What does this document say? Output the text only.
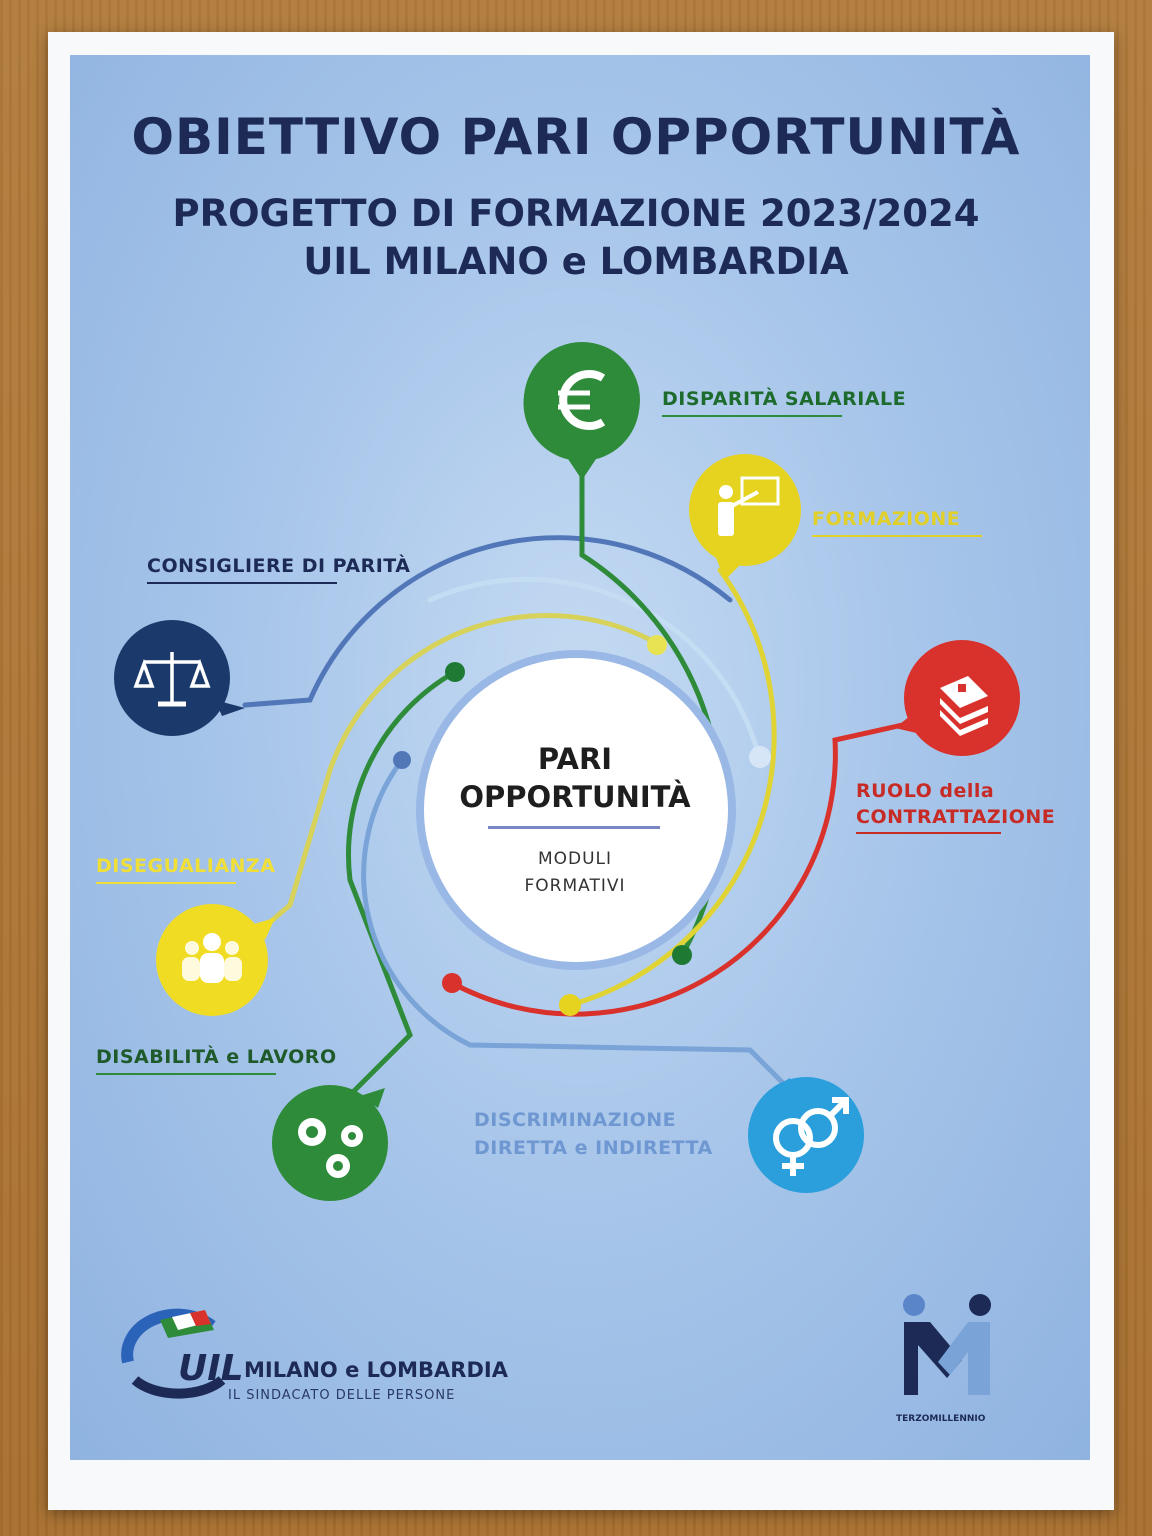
OBIETTIVO PARI OPPORTUNITÀ
PROGETTO DI FORMAZIONE 2023/2024
UIL MILANO e LOMBARDIA
DISPARITÀ SALARIALE
FORMAZIONE
RUOLO della
CONTRATTAZIONE
DISCRIMINAZIONE
DIRETTA e INDIRETTA
DISABILITÀ e LAVORO
DISEGUALIANZA
CONSIGLIERE DI PARITÀ
PARI
OPPORTUNITÀ
MODULI
FORMATIVI
UIL MILANO e LOMBARDIA
IL SINDACATO DELLE PERSONE
TERZOMILLENNIO
